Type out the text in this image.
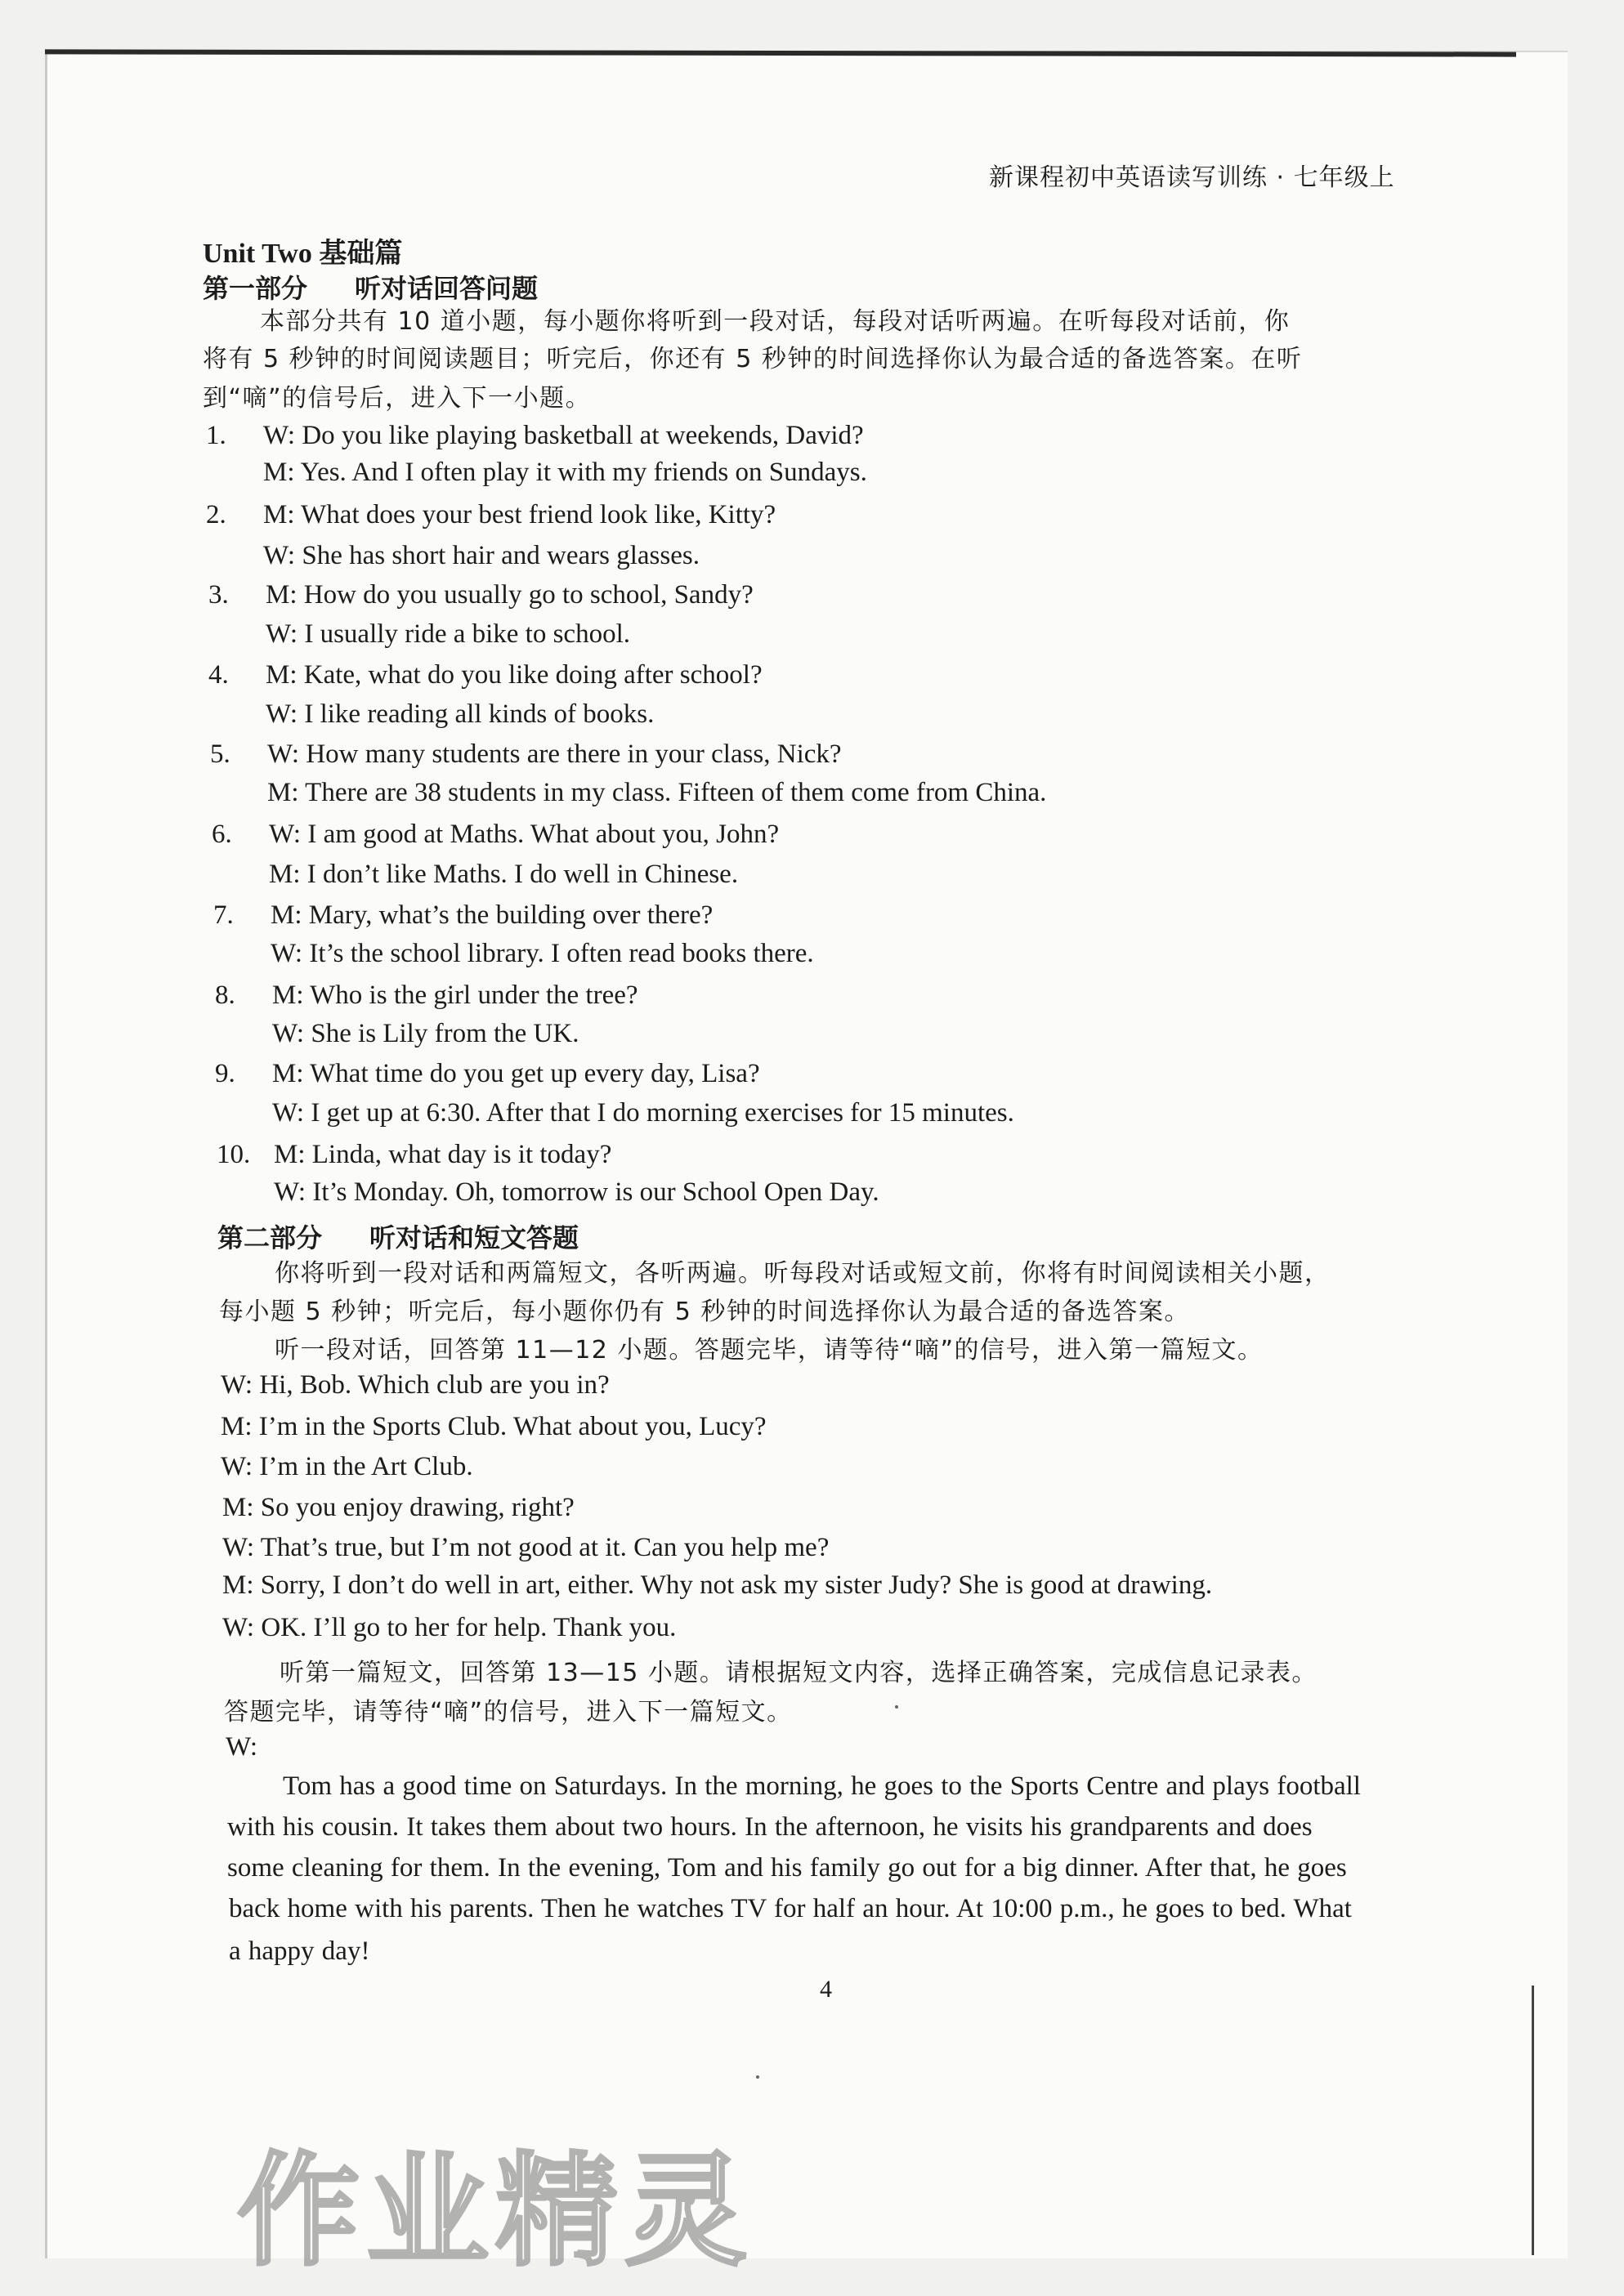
新课程初中英语读写训练 · 七年级上
Unit Two 基础篇
第一部分 听对话回答问题
本部分共有 10 道小题，每小题你将听到一段对话，每段对话听两遍。在听每段对话前，你
将有 5 秒钟的时间阅读题目；听完后，你还有 5 秒钟的时间选择你认为最合适的备选答案。在听
到“嘀”的信号后，进入下一小题。
1. W: Do you like playing basketball at weekends, David?
M: Yes. And I often play it with my friends on Sundays.
2. M: What does your best friend look like, Kitty?
W: She has short hair and wears glasses.
3. M: How do you usually go to school, Sandy?
W: I usually ride a bike to school.
4. M: Kate, what do you like doing after school?
W: I like reading all kinds of books.
5. W: How many students are there in your class, Nick?
M: There are 38 students in my class. Fifteen of them come from China.
6. W: I am good at Maths. What about you, John?
M: I don’t like Maths. I do well in Chinese.
7. M: Mary, what’s the building over there?
W: It’s the school library. I often read books there.
8. M: Who is the girl under the tree?
W: She is Lily from the UK.
9. M: What time do you get up every day, Lisa?
W: I get up at 6:30. After that I do morning exercises for 15 minutes.
10. M: Linda, what day is it today?
W: It’s Monday. Oh, tomorrow is our School Open Day.
第二部分 听对话和短文答题
你将听到一段对话和两篇短文，各听两遍。听每段对话或短文前，你将有时间阅读相关小题，
每小题 5 秒钟；听完后，每小题你仍有 5 秒钟的时间选择你认为最合适的备选答案。
听一段对话，回答第 11—12 小题。答题完毕，请等待“嘀”的信号，进入第一篇短文。
W: Hi, Bob. Which club are you in?
M: I’m in the Sports Club. What about you, Lucy?
W: I’m in the Art Club.
M: So you enjoy drawing, right?
W: That’s true, but I’m not good at it. Can you help me?
M: Sorry, I don’t do well in art, either. Why not ask my sister Judy? She is good at drawing.
W: OK. I’ll go to her for help. Thank you.
听第一篇短文，回答第 13—15 小题。请根据短文内容，选择正确答案，完成信息记录表。
答题完毕，请等待“嘀”的信号，进入下一篇短文。
W:
Tom has a good time on Saturdays. In the morning, he goes to the Sports Centre and plays football
with his cousin. It takes them about two hours. In the afternoon, he visits his grandparents and does
some cleaning for them. In the evening, Tom and his family go out for a big dinner. After that, he goes
back home with his parents. Then he watches TV for half an hour. At 10:00 p.m., he goes to bed. What
a happy day!
4
作业精灵
